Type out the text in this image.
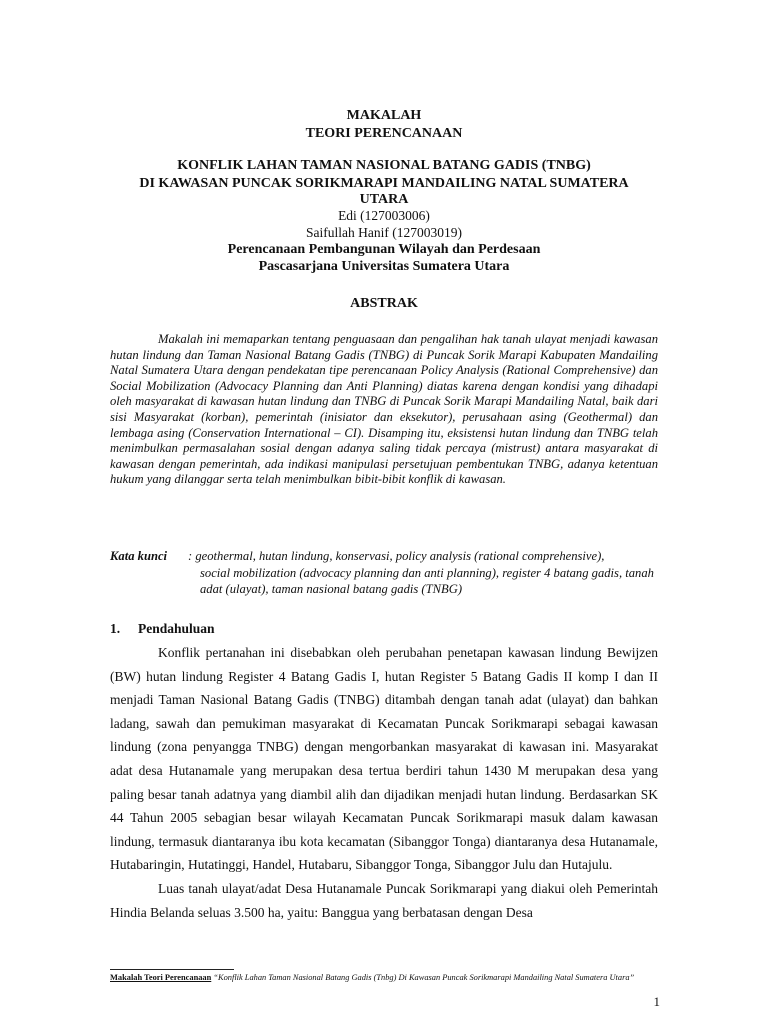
MAKALAH
TEORI PERENCANAAN
KONFLIK LAHAN TAMAN NASIONAL BATANG GADIS (TNBG)
DI KAWASAN PUNCAK SORIKMARAPI MANDAILING NATAL SUMATERA
UTARA
Edi (127003006)
Saifullah Hanif (127003019)
Perencanaan Pembangunan Wilayah dan Perdesaan
Pascasarjana Universitas Sumatera Utara
ABSTRAK

Makalah ini memaparkan tentang penguasaan dan pengalihan hak tanah ulayat menjadi kawasan hutan lindung dan Taman Nasional Batang Gadis (TNBG) di Puncak Sorik Marapi Kabupaten Mandailing Natal Sumatera Utara dengan pendekatan tipe perencanaan Policy Analysis (Rational Comprehensive) dan Social Mobilization (Advocacy Planning dan Anti Planning) diatas karena dengan kondisi yang dihadapi oleh masyarakat di kawasan hutan lindung dan TNBG di Puncak Sorik Marapi Mandailing Natal, baik dari sisi Masyarakat (korban), pemerintah (inisiator dan eksekutor), perusahaan asing (Geothermal) dan lembaga asing (Conservation International – CI). Disamping itu, eksistensi hutan lindung dan TNBG telah menimbulkan permasalahan sosial dengan adanya saling tidak percaya (mistrust) antara masyarakat di kawasan dengan pemerintah, ada indikasi manipulasi persetujuan pembentukan TNBG, adanya ketentuan hukum yang dilanggar serta telah menimbulkan bibit-bibit konflik di kawasan.

Kata kunci	: geothermal, hutan lindung, konservasi, policy analysis (rational comprehensive),
social mobilization (advocacy planning dan anti planning), register 4 batang gadis, tanah adat (ulayat), taman nasional batang gadis (TNBG)
1. Pendahuluan

Konflik pertanahan ini disebabkan oleh perubahan penetapan kawasan lindung Bewijzen (BW) hutan lindung Register 4 Batang Gadis I, hutan Register 5 Batang Gadis II komp I dan II menjadi Taman Nasional Batang Gadis (TNBG) ditambah dengan tanah adat (ulayat) dan bahkan ladang, sawah dan pemukiman masyarakat di Kecamatan Puncak Sorikmarapi sebagai kawasan lindung (zona penyangga TNBG) dengan mengorbankan masyarakat di kawasan ini. Masyarakat adat desa Hutanamale yang merupakan desa tertua berdiri tahun 1430 M merupakan desa yang paling besar tanah adatnya yang diambil alih dan dijadikan menjadi hutan lindung. Berdasarkan SK 44 Tahun 2005 sebagian besar wilayah Kecamatan Puncak Sorikmarapi masuk dalam kawasan lindung, termasuk diantaranya ibu kota kecamatan (Sibanggor Tonga) diantaranya desa Hutanamale, Hutabaringin, Hutatinggi, Handel, Hutabaru, Sibanggor Tonga, Sibanggor Julu dan Hutajulu.

Luas tanah ulayat/adat Desa Hutanamale Puncak Sorikmarapi yang diakui oleh Pemerintah Hindia Belanda seluas 3.500 ha, yaitu: Banggua yang berbatasan dengan Desa

Makalah Teori Perencanaan “Konflik Lahan Taman Nasional Batang Gadis (Tnbg) Di Kawasan Puncak Sorikmarapi Mandailing Natal Sumatera Utara”
1
